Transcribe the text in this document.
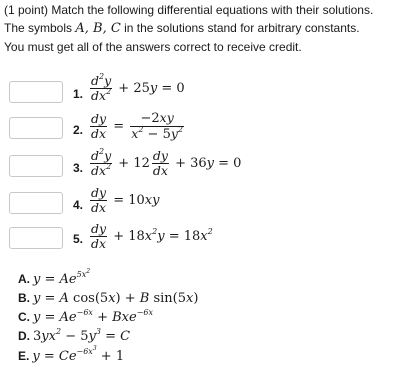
(1 point) Match the following differential equations with their solutions.
The symbols A, B, C in the solutions stand for arbitrary constants.
You must get all of the answers correct to receive credit.
1.
2.
3.
4.
5.
$\frac{d^2y}{dx^2} + 25$ y = 0
$\frac{dy}{dx} = \frac{-2xy}{x^2 - 5y^2}$
$\frac{d^2y}{dx^2} + 12 \frac{dy}{dx} + 36$ y = 0
$\frac{dy}{dx} = 10$ xy
$\frac{dy}{dx} + 18$ $x^2y = 18$ $x^2$
A. $y = Ae^{5x^2}$
B. y = A cos(5 x ) + B sin(5 x )
C. $y = Ae^{-6x} + Bxe^{-6x}$
D. 3 $yx^2 - 5$ $y^3 = C$
E. $y = Ce^{-6x^3}$
+ 1
